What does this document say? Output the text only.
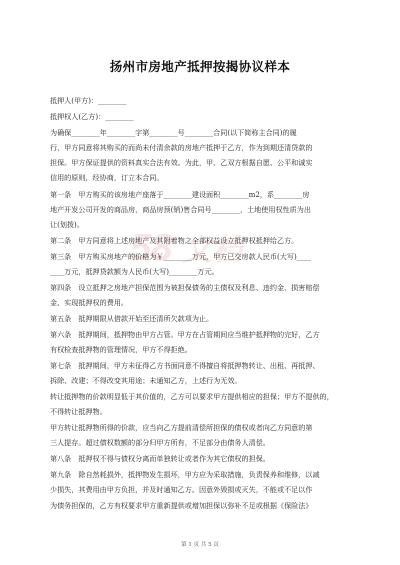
58 文档
扬州市房地产抵押按揭协议样本
抵押人(甲方)：________
抵押权人(乙方)：________
为确保________年________字第________号________合同(以下简称主合同)的履
行，甲方同意将其购买的而尚未付清余款的房地产抵押于乙方，作为到期还清贷款的
担保。甲方保证提供的资料真实合法有效。为此，甲、乙双方根据自愿、公平和诚实
信用的原则，经协商，订立本合同。
第一条　甲方购买的该房地产座落于________建设面积________m2，系________房
地产开发公司开发的商品房，商品房预(销)售合同号________，土地使用权性质为出
让(划拨)。
第二条　甲方同意将上述房地产及其附着物之全部权益设立抵押权抵押给乙方。
第三条　甲方购买房地产的价格为￥________万元，甲方已交房款人民币(大写)____
____万元，抵押贷款额为人民币(大写)________万元。
第四条　设立抵押之房地产担保范围为被担保债务的主债权及利息、违约金、损害赔偿
金、实现抵押权的费用。
第五条　抵押期限从借款开始至还清所欠款项为止。
第六条　抵押期间，抵押物由甲方占管。甲方在占管期间应当维护抵押物的完好，乙方
有权检查抵押物的管理情况，甲方不得拒绝。
第七条　抵押期间，甲方未征得乙方书面同意不得擅自将抵押物转让、出租、再抵押、
拆除、改建；不得改变其用途；未通知乙方，上述行为无效。
转让抵押物的价款明显低于其价值的，乙方可以要求甲方提供相应的担保；甲方不提供的，
不得转让抵押物。
甲方转让抵押物所得的价款，应当向乙方提前清偿所担保的债权或者向乙方同意的第
三人提存。超过债权数额的部分归甲方所有，不足部分由债务人清偿。
第八条　抵押权不得与债权分离而单独转让或者作为其它债权的担保。
第九条　除自然耗损外，抵押物发生损坏，甲方应为采取措施，负责保养和维修，以减
少损失，其费用由甲方负担，并及时通知乙方。因意外毁损或灭失，不能或不足以作
为债务担保的，乙方有权要求甲方重新提供或增加担保以弥补不足或根据《保险法》
第 1 页 共 5 页
